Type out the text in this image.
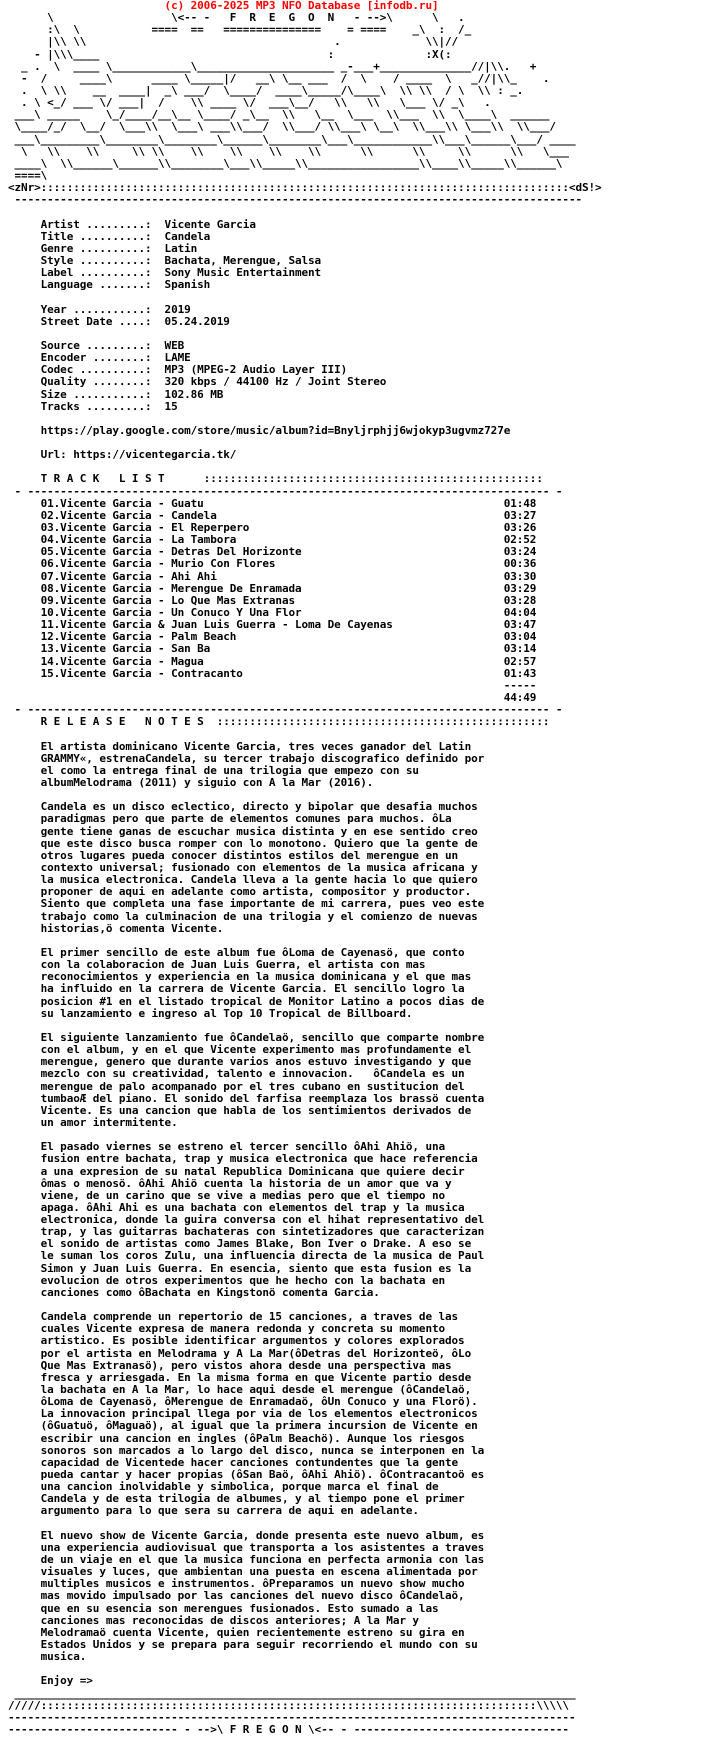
(c) 2006-2025 MP3 NFO Database [infodb.ru]
\                  \<-- -   F  R  E  G  O  N   - -->\      \   .
:\  \           ====  ==   ===============    = ====    _\  :  /_
|\\ \\                                      .             \\|//
- |\\\____                                   :              :X(:
_ .  \  ____ \____________\_____________________ _-___+______________//|\\.   +
-  /     ____\      ____ \_____|/   __\ \__ ___  /  \    / ____  \   _//|\\_    .
.  \ \\    __  ____|  _\ ___/  \____/  ____\_____/\____\  \\ \\  / \  \\ : _.
. \ <_/ ___ \/ ___|  /    \\ ____ \/  ___\__/   \\   \\   \___ \/ _\   .
___\ _____    \_/____/__\__ \____/ _\__  \\   \__  \___  \\___  \\  \____\  ______
\____/_/  \__/  \___\\  \___\ ___\\___/  \\___/ \\___\ \__\  \\___\\ \___\\  \\___/
___\_________\________\________\______\________\___\____________\\___\______\___/ ____
\   \\    \\     \\ \\    \\    \\    \\    \\      \\      \\     \\      \\   \___
____\  \\______\______\\________\___\\_____\\_________________\\____\\_____\\______\
====\
<zNr>:::::::::::::::::::::::::::::::::::::::::::::::::::::::::::::::::::::::::::::::::<dS!>
---------------------------------------------------------------------------------------

Artist .........:  Vicente Garcia
Title ..........:  Candela
Genre ..........:  Latin
Style ..........:  Bachata, Merengue, Salsa
Label ..........:  Sony Music Entertainment
Language .......:  Spanish

Year ...........:  2019
Street Date ....:  05.24.2019

Source .........:  WEB
Encoder ........:  LAME
Codec ..........:  MP3 (MPEG-2 Audio Layer III)
Quality ........:  320 kbps / 44100 Hz / Joint Stereo
Size ...........:  102.86 MB
Tracks .........:  15

https://play.google.com/store/music/album?id=Bnyljrphjj6wjokyp3ugvmz727e

Url: https://vicentegarcia.tk/

T R A C K   L I S T      ::::::::::::::::::::::::::::::::::::::::::::::::::::
- -------------------------------------------------------------------------------- -
01.Vicente Garcia - Guatu                                              01:48
02.Vicente Garcia - Candela                                            03:27
03.Vicente Garcia - El Reperpero                                       03:26
04.Vicente Garcia - La Tambora                                         02:52
05.Vicente Garcia - Detras Del Horizonte                               03:24
06.Vicente Garcia - Murio Con Flores                                   00:36
07.Vicente Garcia - Ahi Ahi                                            03:30
08.Vicente Garcia - Merengue De Enramada                               03:29
09.Vicente Garcia - Lo Que Mas Extranas                                03:28
10.Vicente Garcia - Un Conuco Y Una Flor                               04:04
11.Vicente Garcia & Juan Luis Guerra - Loma De Cayenas                 03:47
12.Vicente Garcia - Palm Beach                                         03:04
13.Vicente Garcia - San Ba                                             03:14
14.Vicente Garcia - Magua                                              02:57
15.Vicente Garcia - Contracanto                                        01:43
-----
44:49
- -------------------------------------------------------------------------------- -
R E L E A S E   N O T E S  :::::::::::::::::::::::::::::::::::::::::::::::::::

El artista dominicano Vicente Garcia, tres veces ganador del Latin
GRAMMY«, estrenaCandela, su tercer trabajo discografico definido por
el como la entrega final de una trilogia que empezo con su
albumMelodrama (2011) y siguio con A la Mar (2016).

Candela es un disco eclectico, directo y bipolar que desafia muchos
paradigmas pero que parte de elementos comunes para muchos. ôLa
gente tiene ganas de escuchar musica distinta y en ese sentido creo
que este disco busca romper con lo monotono. Quiero que la gente de
otros lugares pueda conocer distintos estilos del merengue en un
contexto universal; fusionado con elementos de la musica africana y
la musica electronica. Candela lleva a la gente hacia lo que quiero
proponer de aqui en adelante como artista, compositor y productor.
Siento que completa una fase importante de mi carrera, pues veo este
trabajo como la culminacion de una trilogia y el comienzo de nuevas
historias,ö comenta Vicente.

El primer sencillo de este album fue ôLoma de Cayenasö, que conto
con la colaboracion de Juan Luis Guerra, el artista con mas
reconocimientos y experiencia en la musica dominicana y el que mas
ha influido en la carrera de Vicente Garcia. El sencillo logro la
posicion #1 en el listado tropical de Monitor Latino a pocos dias de
su lanzamiento e ingreso al Top 10 Tropical de Billboard.

El siguiente lanzamiento fue ôCandelaö, sencillo que comparte nombre
con el album, y en el que Vicente experimento mas profundamente el
merengue, genero que durante varios anos estuvo investigando y que
mezclo con su creatividad, talento e innovacion.   ôCandela es un
merengue de palo acompanado por el tres cubano en sustitucion del
tumbaoÆ del piano. El sonido del farfisa reemplaza los brassö cuenta
Vicente. Es una cancion que habla de los sentimientos derivados de
un amor intermitente.

El pasado viernes se estreno el tercer sencillo ôAhi Ahiö, una
fusion entre bachata, trap y musica electronica que hace referencia
a una expresion de su natal Republica Dominicana que quiere decir
ômas o menosö. ôAhi Ahiö cuenta la historia de un amor que va y
viene, de un carino que se vive a medias pero que el tiempo no
apaga. ôAhi Ahi es una bachata con elementos del trap y la musica
electronica, donde la guira conversa con el hihat representativo del
trap, y las guitarras bachateras con sintetizadores que caracterizan
el sonido de artistas como James Blake, Bon Iver o Drake. A eso se
le suman los coros Zulu, una influencia directa de la musica de Paul
Simon y Juan Luis Guerra. En esencia, siento que esta fusion es la
evolucion de otros experimentos que he hecho con la bachata en
canciones como ôBachata en Kingstonö comenta Garcia.

Candela comprende un repertorio de 15 canciones, a traves de las
cuales Vicente expresa de manera redonda y concreta su momento
artistico. Es posible identificar argumentos y colores explorados
por el artista en Melodrama y A La Mar(ôDetras del Horizonteö, ôLo
Que Mas Extranasö), pero vistos ahora desde una perspectiva mas
fresca y arriesgada. En la misma forma en que Vicente partio desde
la bachata en A la Mar, lo hace aqui desde el merengue (ôCandelaö,
ôLoma de Cayenasö, ôMerengue de Enramadaö, ôUn Conuco y una Florö).
La innovacion principal llega por via de los elementos electronicos
(ôGuatuö, ôMaguaö), al igual que la primera incursion de Vicente en
escribir una cancion en ingles (ôPalm Beachö). Aunque los riesgos
sonoros son marcados a lo largo del disco, nunca se interponen en la
capacidad de Vicentede hacer canciones contundentes que la gente
pueda cantar y hacer propias (ôSan Baö, ôAhi Ahiö). ôContracantoö es
una cancion inolvidable y simbolica, porque marca el final de
Candela y de esta trilogia de albumes, y al tiempo pone el primer
argumento para lo que sera su carrera de aqui en adelante.

El nuevo show de Vicente Garcia, donde presenta este nuevo album, es
una experiencia audiovisual que transporta a los asistentes a traves
de un viaje en el que la musica funciona en perfecta armonia con las
visuales y luces, que ambientan una puesta en escena alimentada por
multiples musicos e instrumentos. ôPreparamos un nuevo show mucho
mas movido impulsado por las canciones del nuevo disco ôCandelaö,
que en su esencia son merengues fusionados. Esto sumado a las
canciones mas reconocidas de discos anteriores; A la Mar y
Melodramaö cuenta Vicente, quien recientemente estreno su gira en
Estados Unidos y se prepara para seguir recorriendo el mundo con su
musica.

Enjoy =>
______________________________________________________________________________________
/////::::::::::::::::::::::::::::::::::::::::::::::::::::::::::::::::::::::::::::\\\\\
---------------------------------------------------------------------------------------
-------------------------- - -->\ F R E G O N \<-- - ---------------------------------
